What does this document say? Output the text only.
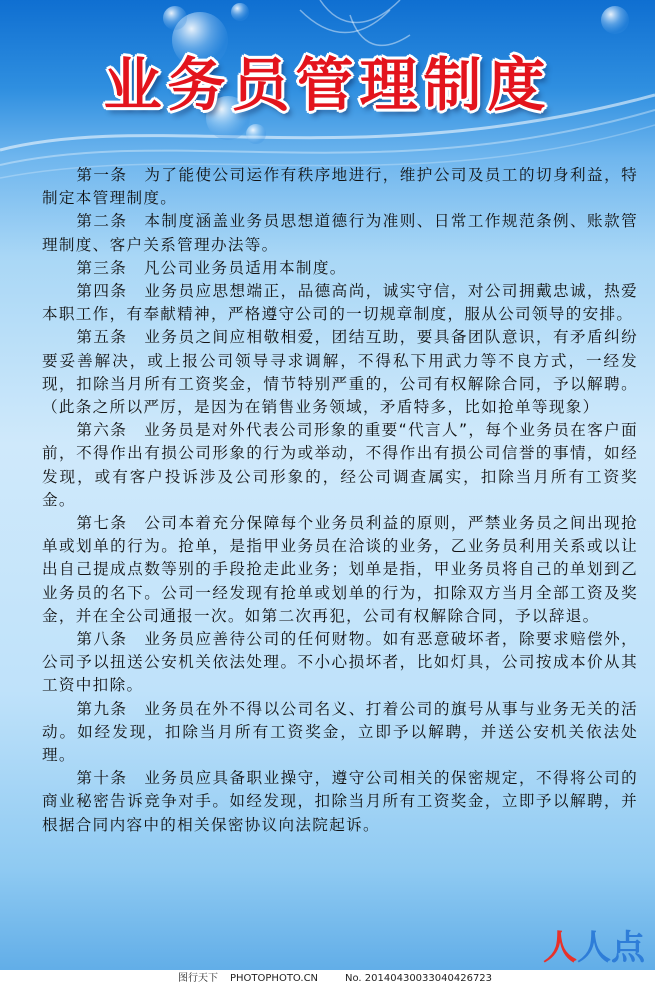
业务员管理制度

第一条　为了能使公司运作有秩序地进行，维护公司及员工的切身利益，特制定本管理制度。

第二条　本制度涵盖业务员思想道德行为准则、日常工作规范条例、账款管理制度、客户关系管理办法等。

第三条　凡公司业务员适用本制度。

第四条　业务员应思想端正，品德高尚，诚实守信，对公司拥戴忠诚，热爱本职工作，有奉献精神，严格遵守公司的一切规章制度，服从公司领导的安排。

第五条　业务员之间应相敬相爱，团结互助，要具备团队意识，有矛盾纠纷要妥善解决，或上报公司领导寻求调解，不得私下用武力等不良方式，一经发现，扣除当月所有工资奖金，情节特别严重的，公司有权解除合同，予以解聘。（此条之所以严厉，是因为在销售业务领域，矛盾特多，比如抢单等现象）

第六条　业务员是对外代表公司形象的重要“代言人”，每个业务员在客户面前，不得作出有损公司形象的行为或举动，不得作出有损公司信誉的事情，如经发现，或有客户投诉涉及公司形象的，经公司调查属实，扣除当月所有工资奖金。

第七条　公司本着充分保障每个业务员利益的原则，严禁业务员之间出现抢单或划单的行为。抢单，是指甲业务员在洽谈的业务，乙业务员利用关系或以让出自己提成点数等别的手段抢走此业务；划单是指，甲业务员将自己的单划到乙业务员的名下。公司一经发现有抢单或划单的行为，扣除双方当月全部工资及奖金，并在全公司通报一次。如第二次再犯，公司有权解除合同，予以辞退。

第八条　业务员应善待公司的任何财物。如有恶意破坏者，除要求赔偿外，公司予以扭送公安机关依法处理。不小心损坏者，比如灯具，公司按成本价从其工资中扣除。

第九条　业务员在外不得以公司名义、打着公司的旗号从事与业务无关的活动。如经发现，扣除当月所有工资奖金，立即予以解聘，并送公安机关依法处理。

第十条　业务员应具备职业操守，遵守公司相关的保密规定，不得将公司的商业秘密告诉竞争对手。如经发现，扣除当月所有工资奖金，立即予以解聘，并根据合同内容中的相关保密协议向法院起诉。

人人点
图行天下 PHOTOPHOTO.CN	No. 20140430033040426723
